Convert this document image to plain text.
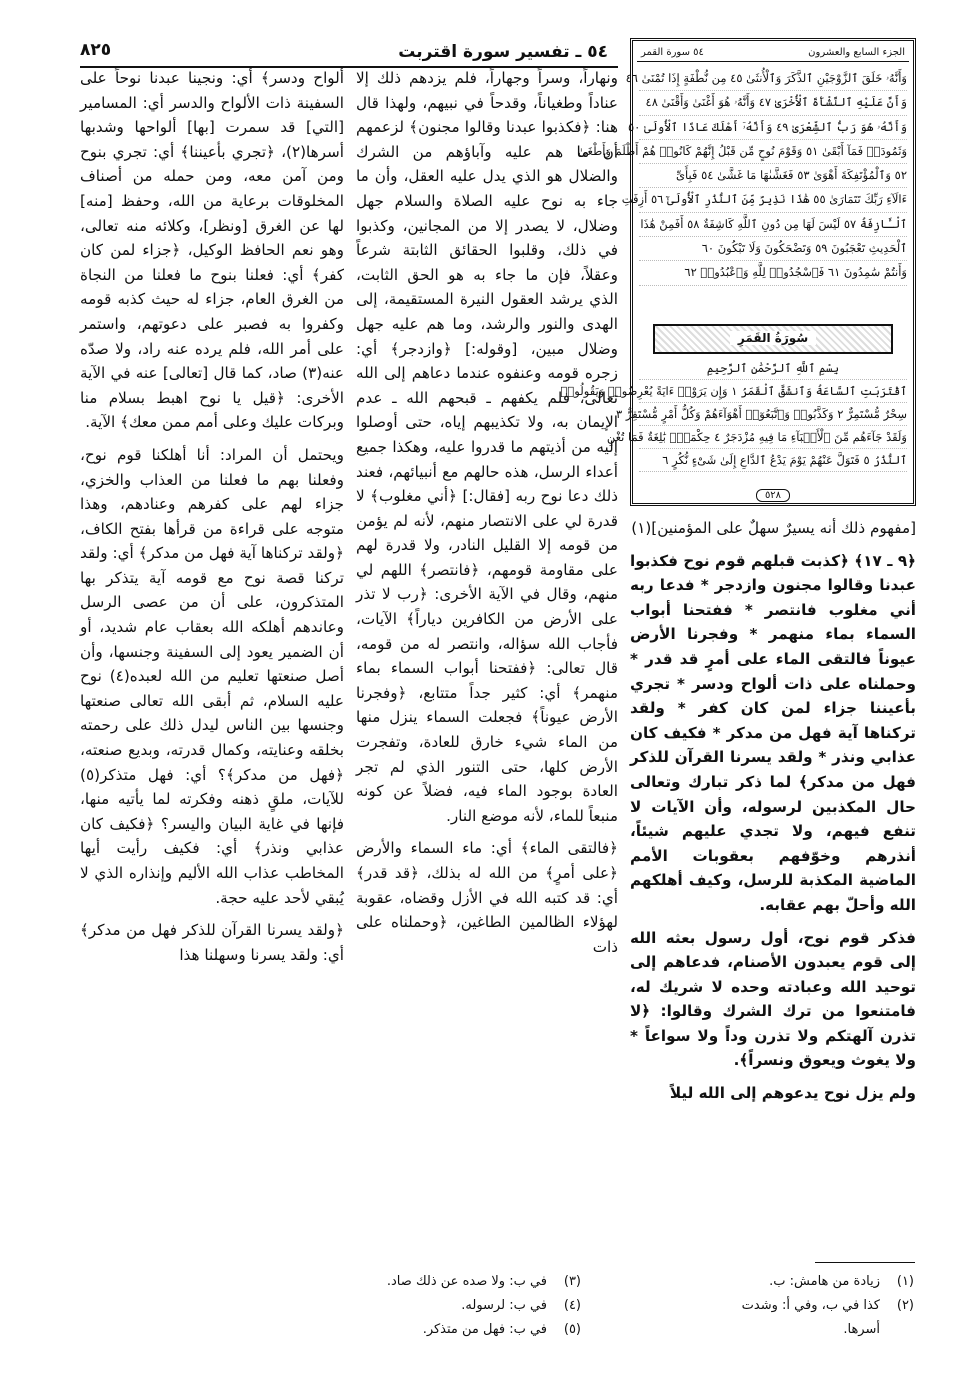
٥٤ ـ تفسير سورة اقتربت
٨٢٥	الجزء السابع والعشرون
٥٤ سورة القمر
وَأَنَّهُۥ خَلَقَ ٱلزَّوْجَيْنِ ٱلذَّكَرَ وَٱلْأُنثَىٰ ٤٥ مِن نُّطْفَةٍ إِذَا تُمْنَىٰ ٤٦
وَأَنَّ عَلَيْهِ ٱلنَّشْأَةَ ٱلْأُخْرَىٰ ٤٧ وَأَنَّهُۥ هُوَ أَغْنَىٰ وَأَقْنَىٰ ٤٨
وَأَنَّهُۥ هُوَ رَبُّ ٱلشِّعْرَىٰ ٤٩ وَأَنَّهُۥٓ أَهْلَكَ عَادًا ٱلْأُولَىٰ ٥٠
وَثَمُودَا۟ فَمَآ أَبْقَىٰ ٥١ وَقَوْمَ نُوحٍ مِّن قَبْلُ إِنَّهُمْ كَانُوا۟ هُمْ أَظْلَمَ وَأَطْغَىٰ
٥٢ وَٱلْمُؤْتَفِكَةَ أَهْوَىٰ ٥٣ فَغَشَّىٰهَا مَا غَشَّىٰ ٥٤ فَبِأَىِّ
ءَالَآءِ رَبِّكَ تَتَمَارَىٰ ٥٥ هَٰذَا نَذِيرٌ مِّنَ ٱلنُّذُرِ ٱلْأُولَىٰٓ ٥٦ أَزِفَتِ
ٱلْـَٔازِفَةُ ٥٧ لَيْسَ لَهَا مِن دُونِ ٱللَّهِ كَاشِفَةٌ ٥٨ أَفَمِنْ هَٰذَا
ٱلْحَدِيثِ تَعْجَبُونَ ٥٩ وَتَضْحَكُونَ وَلَا تَبْكُونَ ٦٠
وَأَنتُمْ سَٰمِدُونَ ٦١ فَٱسْجُدُوا۟ لِلَّهِ وَٱعْبُدُوا۟ ٦٢
سُورَةُ القَمَرِ
بِسْمِ ٱللَّهِ ٱلرَّحْمَٰنِ ٱلرَّحِيمِ
ٱقْتَرَبَتِ ٱلسَّاعَةُ وَٱنشَقَّ ٱلْقَمَرُ ١ وَإِن يَرَوْا۟ ءَايَةً يُعْرِضُوا۟ وَيَقُولُوا۟
سِحْرٌ مُّسْتَمِرٌّ ٢ وَكَذَّبُوا۟ وَٱتَّبَعُوٓا۟ أَهْوَآءَهُمْ وَكُلُّ أَمْرٍ مُّسْتَقِرٌّ ٣
وَلَقَدْ جَآءَهُم مِّنَ ٱلْأَنۢبَآءِ مَا فِيهِ مُزْدَجَرٌ ٤ حِكْمَةٌۢ بَٰلِغَةٌ فَمَا تُغْنِ
ٱلنُّذُرُ ٥ فَتَوَلَّ عَنْهُمْ يَوْمَ يَدْعُ ٱلدَّاعِ إِلَىٰ شَىْءٍ نُّكُرٍ ٦
٥٢٨

[مفهوم ذلك أنه يسيرٌ سهلٌ على المؤمنين](١)

﴿٩ ـ ١٧﴾ ﴿كذبت قبلهم قوم نوح فكذبوا عبدنا وقالوا مجنون وازدجر * فدعا ربه أني مغلوب فانتصر * ففتحنا أبواب السماء بماء منهمر * وفجرنا الأرض عيوناً فالتقى الماء على أمرٍ قد قدر * وحملناه على ذات ألواح ودسر * تجري بأعيننا جزاء لمن كان كفر * ولقد تركناها آية فهل من مدكر * فكيف كان عذابي ونذر * ولقد يسرنا القرآن للذكر فهل من مدكر﴾ لما ذكر تبارك وتعالى حال المكذبين لرسوله، وأن الآيات لا تنفع فيهم، ولا تجدي عليهم شيئاً، أنذرهم وخوّفهم بعقوبات الأمم الماضية المكذبة للرسل، وكيف أهلكهم الله وأحلّ بهم عقابه.

فذكر قوم نوح، أول رسول بعثه الله إلى قوم يعبدون الأصنام، فدعاهم إلى توحيد الله وعبادته وحده لا شريك له، فامتنعوا من ترك الشرك وقالوا: ﴿لا تذرن آلهتكم ولا تذرن وداً ولا سواعاً * ولا يغوث ويعوق ونسراً﴾.

ولم يزل نوح يدعوهم إلى الله ليلاً

ونهاراً، وسراً وجهاراً، فلم يزدهم ذلك إلا عناداً وطغياناً، وقدحاً في نبيهم، ولهذا قال هنا: ﴿فكذبوا عبدنا وقالوا مجنون﴾ لزعمهم أن ما هم عليه وآباؤهم من الشرك والضلال هو الذي يدل عليه العقل، وأن ما جاء به نوح عليه الصلاة والسلام جهل وضلال، لا يصدر إلا من المجانين، وكذبوا في ذلك، وقلبوا الحقائق الثابتة شرعاً وعقلاً، فإن ما جاء به هو الحق الثابت، الذي يرشد العقول النيرة المستقيمة، إلى الهدى والنور والرشد، وما هم عليه جهل وضلال مبين، [وقوله:] ﴿وازدجر﴾ أي: زجره قومه وعنفوه عندما دعاهم إلى الله تعالى، فلم يكفهم ـ قبحهم الله ـ عدم الإيمان به، ولا تكذيبهم إياه، حتى أوصلوا إليه من أذيتهم ما قدروا عليه، وهكذا جميع أعداء الرسل، هذه حالهم مع أنبيائهم، فعند ذلك دعا نوح ربه [فقال:] ﴿أني مغلوب﴾ لا قدرة لي على الانتصار منهم، لأنه لم يؤمن من قومه إلا القليل النادر، ولا قدرة لهم على مقاومة قومهم، ﴿فانتصر﴾ اللهم لي منهم، وقال في الآية الأخرى: ﴿رب لا تذر على الأرض من الكافرين دياراً﴾ الآيات، فأجاب الله سؤاله، وانتصر له من قومه، قال تعالى: ﴿ففتحنا أبواب السماء بماء منهمر﴾ أي: كثير جداً متتابع، ﴿وفجرنا الأرض عيوناً﴾ فجعلت السماء ينزل منها من الماء شيء خارق للعادة، وتفجرت الأرض كلها، حتى التنور الذي لم تجر العادة بوجود الماء فيه، فضلاً عن كونه منبعاً للماء، لأنه موضع النار.

﴿فالتقى الماء﴾ أي: ماء السماء والأرض ﴿على أمرٍ﴾ من الله له بذلك، ﴿قد قدر﴾ أي: قد كتبه الله في الأزل وقضاه، عقوبة لهؤلاء الظالمين الطاغين، ﴿وحملناه على ذات

ألواح ودسر﴾ أي: ونجينا عبدنا نوحاً على السفينة ذات الألواح والدسر أي: المسامير [التي] قد سمرت [بها] ألواحها وشدبها أسرها(٢)، ﴿تجري بأعيننا﴾ أي: تجري بنوح ومن آمن معه، ومن حمله من أصناف المخلوقات برعاية من الله، وحفظ [منه] لها عن الغرق [ونظر]، وكلائه منه تعالى، وهو نعم الحافظ الوكيل، ﴿جزاء لمن كان كفر﴾ أي: فعلنا بنوح ما فعلنا من النجاة من الغرق العام، جزاء له حيث كذبه قومه وكفروا به فصبر على دعوتهم، واستمر على أمر الله، فلم يرده عنه راد، ولا صدّه عنه(٣) صاد، كما قال [تعالى] عنه في الآية الأخرى: ﴿قيل يا نوح اهبط بسلام منا وبركات عليك وعلى أمم ممن معك﴾ الآية.

ويحتمل أن المراد: أنا أهلكنا قوم نوح، وفعلنا بهم ما فعلنا من العذاب والخزي، جزاء لهم على كفرهم وعنادهم، وهذا متوجه على قراءة من قرأها بفتح الكاف، ﴿ولقد تركناها آية فهل من مدكر﴾ أي: ولقد تركنا قصة نوح مع قومه آية يتذكر بها المتذكرون، على أن من عصى الرسل وعاندهم أهلكه الله بعقاب عام شديد، أو أن الضمير يعود إلى السفينة وجنسها، وأن أصل صنعتها تعليم من الله لعبده(٤) نوح عليه السلام، ثم أبقى الله تعالى صنعتها وجنسها بين الناس ليدل ذلك على رحمته بخلقه وعنايته، وكمال قدرته، وبديع صنعته، ﴿فهل من مدكر﴾؟ أي: فهل متذكر(٥) للآيات، ملقٍ ذهنه وفكرته لما يأتيه منها، فإنها في غاية البيان واليسر؟ ﴿فكيف كان عذابي ونذر﴾ أي: فكيف رأيت أيها المخاطب عذاب الله الأليم وإنذاره الذي لا يُبقي لأحد عليه حجة.

﴿ولقد يسرنا القرآن للذكر فهل من مدكر﴾ أي: ولقد يسرنا وسهلنا هذا

(١)زيادة من هامش: ب.
(٢)كذا في ب، وفي أ: وشدت
أسرها.
(٣)في ب: ولا صده عن ذلك صاد.
(٤)في ب: لرسوله.
(٥)في ب: فهل من متذكر.
